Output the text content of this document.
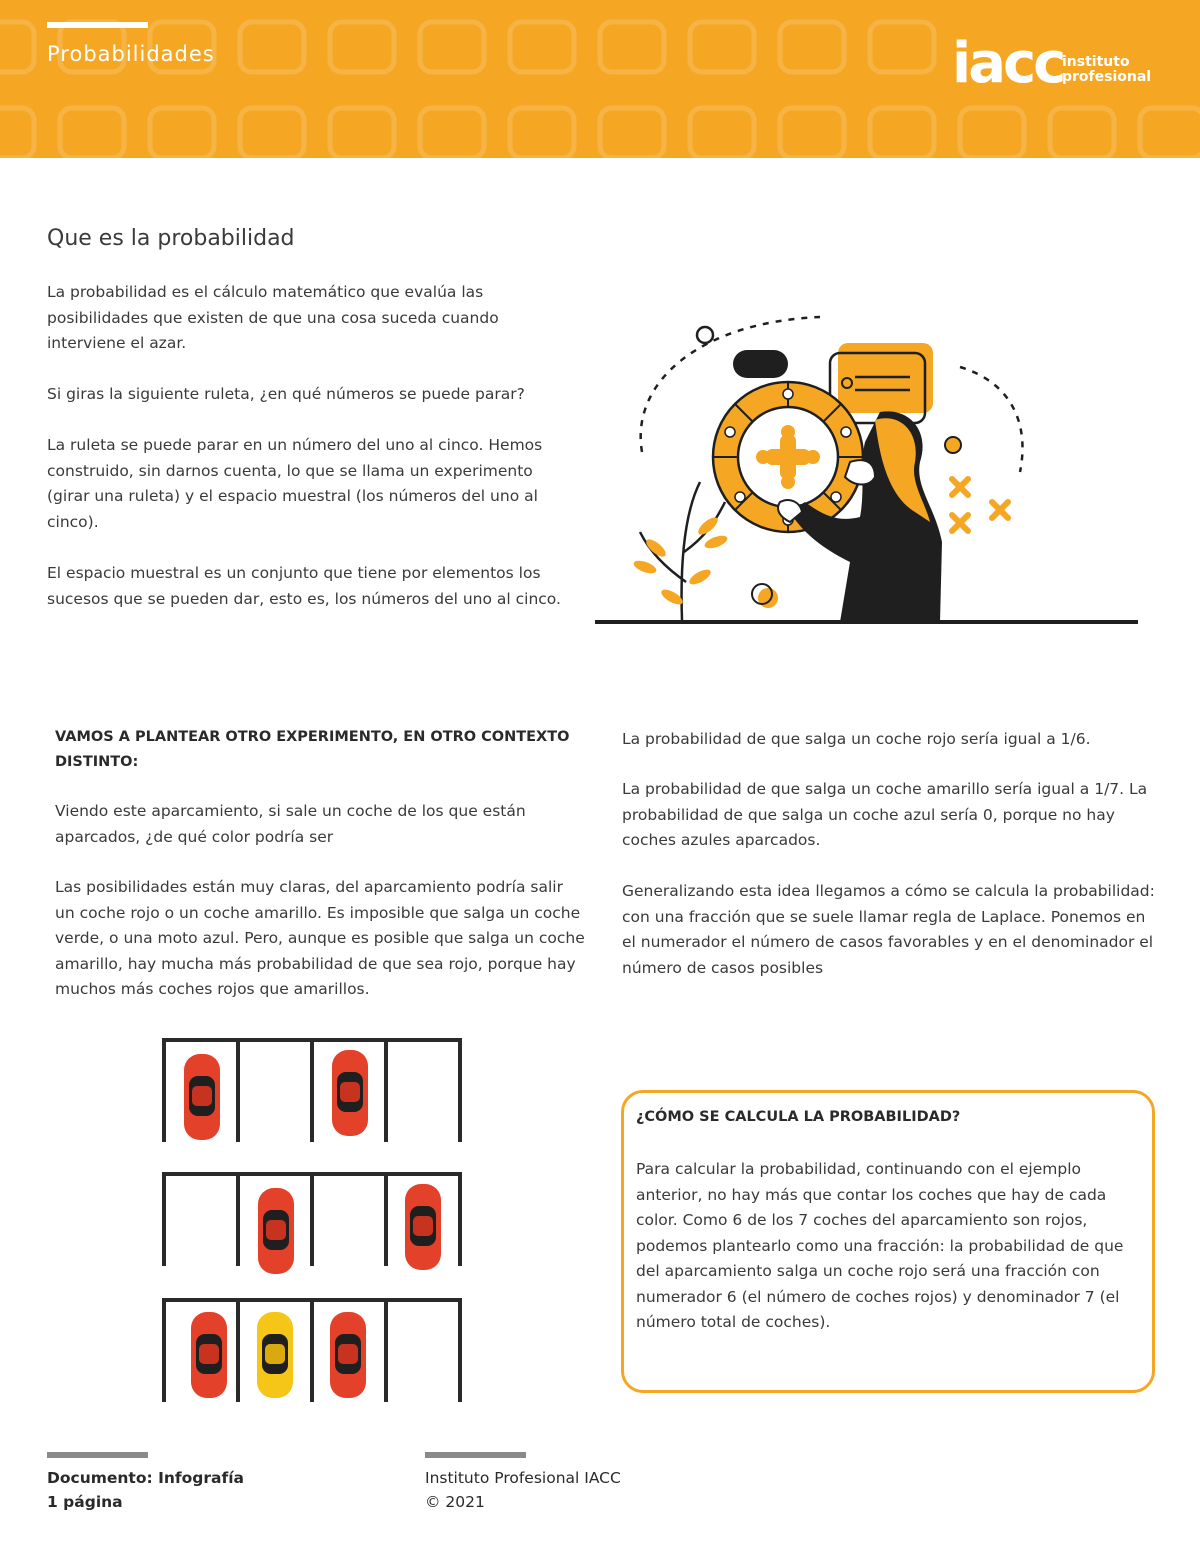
Probabilidades	iacc
instituto
profesional
Que es la probabilidad

La probabilidad es el cálculo matemático que evalúa las posibilidades que existen de que una cosa suceda cuando interviene el azar.

Si giras la siguiente ruleta, ¿en qué números se puede parar?

La ruleta se puede parar en un número del uno al cinco. Hemos construido, sin darnos cuenta, lo que se llama un experimento (girar una ruleta) y el espacio muestral (los números del uno al cinco).

El espacio muestral es un conjunto que tiene por elementos los sucesos que se pueden dar, esto es, los números del uno al cinco.

VAMOS A PLANTEAR OTRO EXPERIMENTO, EN OTRO CONTEXTO DISTINTO:

Viendo este aparcamiento, si sale un coche de los que están aparcados, ¿de qué color podría ser

Las posibilidades están muy claras, del aparcamiento podría salir un coche rojo o un coche amarillo. Es imposible que salga un coche verde, o una moto azul. Pero, aunque es posible que salga un coche amarillo, hay mucha más probabilidad de que sea rojo, porque hay muchos más coches rojos que amarillos.

La probabilidad de que salga un coche rojo sería igual a 1/6.

La probabilidad de que salga un coche amarillo sería igual a 1/7. La probabilidad de que salga un coche azul sería 0, porque no hay coches azules aparcados.

Generalizando esta idea llegamos a cómo se calcula la probabilidad: con una fracción que se suele llamar regla de Laplace. Ponemos en el numerador el número de casos favorables y en el denominador el número de casos posibles

¿CÓMO SE CALCULA LA PROBABILIDAD?

Para calcular la probabilidad, continuando con el ejemplo anterior, no hay más que contar los coches que hay de cada color. Como 6 de los 7 coches del aparcamiento son rojos, podemos plantearlo como una fracción: la probabilidad de que del aparcamiento salga un coche rojo será una fracción con numerador 6 (el número de coches rojos) y denominador 7 (el número total de coches).

Documento: Infografía
1 página
Instituto Profesional IACC
© 2021
